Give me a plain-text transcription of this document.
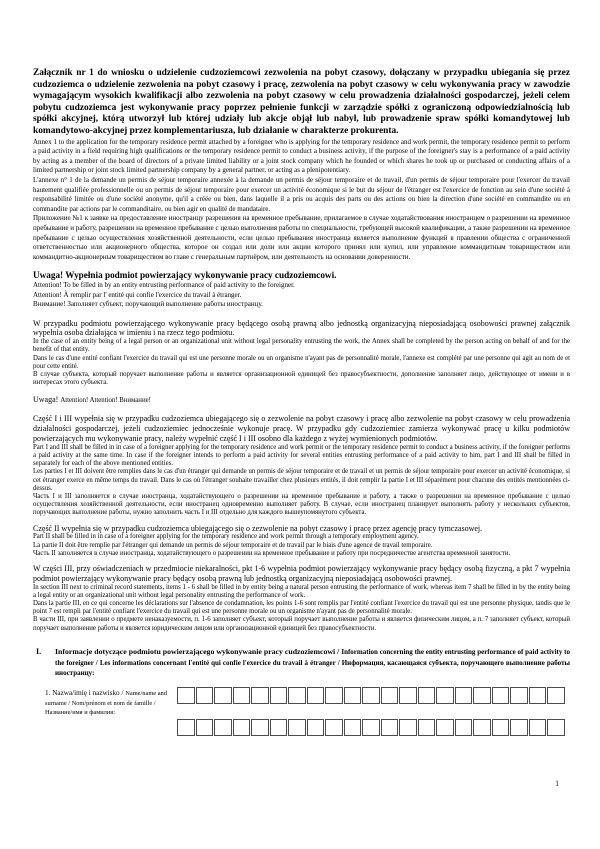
Załącznik nr 1 do wniosku o udzielenie cudzoziemcowi zezwolenia na pobyt czasowy, dołączany w przypadku ubiegania się przez cudzoziemca o udzielenie zezwolenia na pobyt czasowy i pracę, zezwolenia na pobyt czasowy w celu wykonywania pracy w zawodzie wymagającym wysokich kwalifikacji albo zezwolenia na pobyt czasowy w celu prowadzenia działalności gospodarczej, jeżeli celem pobytu cudzoziemca jest wykonywanie pracy poprzez pełnienie funkcji w zarządzie spółki z ograniczoną odpowiedzialnością lub spółki akcyjnej, którą utworzył lub której udziały lub akcje objął lub nabył, lub prowadzenie spraw spółki komandytowej lub komandytowo-akcyjnej przez komplementariusza, lub działanie w charakterze prokurenta.

Annex 1 to the application for the temporary residence permit attached by a foreigner who is applying for the temporary residence and work permit, the temporary residence permit to perform a paid activity in a field requiring high qualifications or the temporary residence permit to conduct a business activity, if the purpose of the foreigner's stay is a performance of a paid activity by acting as a member of the board of directors of a private limited liability or a joint stock company which he founded or which shares he took up or purchased or conducting affairs of a limited partnership or joint stock limited partnership company by a general partner, or acting as a plenipotentiary.

L'annexe n° 1 de la demande un permis de séjour temporaire annexée à la demande un permis de séjour temporaire et de travail, d'un permis de séjour temporaire pour l'exercer du travail hautement qualifiée professionnelle ou un permis de séjour temporaire pour exercer un activité économique si le but du séjour de l'étranger est l'exercice de fonction au sein d'une société à responsabilité limitée ou d'une société anonyme, qu'il a créée ou bien, dans laquelle il a pris ou acquis des parts ou des actions ou bien la direction d'une société en commandite ou en commandite par actions par le commanditaire, ou bien agir en qualité de mandataire.

Приложение №1 к заявке на предоставление иностранцу разрешения на временное пребывание, прилагаемое в случае ходатайствования иностранцем о разрешении на временное пребывание и работу, разрешении на временное пребывание с целью выполнения работы по специальности, требующей высокой квалификации, а также разрешении на временное пребывание с целью осуществления хозяйственной деятельности, если целью пребывания иностранца является выполнение функций в правлении общества с ограниченной ответственностью или акционерного общества, которое он создал или доли или акции которого принял или купил, или управление коммандитным товариществом или коммандитно-акционерным товариществом во главе с генеральным партнёром, или деятельность на основании доверенности.

Uwaga! Wypełnia podmiot powierzający wykonywanie pracy cudzoziemcowi.

Attention! To be filled in by an entity entrusting performance of paid activity to the foreigner.

Attention! À remplir par l' entité qui confie l'exercice du travail à étranger.

Внимание! Заполняет субъект, поручающий выполнение работы иностранцу.

W przypadku podmiotu powierzającego wykonywanie pracy będącego osobą prawną albo jednostką organizacyjną nieposiadającą osobowości prawnej załącznik wypełnia osoba działająca w imieniu i na rzecz tego podmiotu.

In the case of an entity being of a legal person or an organizational unit without legal personality entrusting the work, the Annex shall be completed by the person acting on behalf of and for the benefit of that entity.

Dans le cas d'une entité confiant l'exercice du travail qui est une personne morale ou un organisme n'ayant pas de personnalité morale, l'annexe est complété par une personne qui agit au nom de et pour cette entité.

В случае субъекта, который поручает выполнение работы и является организационной единицей без правосубъектности, дополнение заполняет лицо, действующее от имени и в интересах этого субъекта.

Uwaga! Attention! Attention! Внимание!

Część I i III wypełnia się w przypadku cudzoziemca ubiegającego się o zezwolenie na pobyt czasowy i pracę albo zezwolenie na pobyt czasowy w celu prowadzenia działalności gospodarczej, jeżeli cudzoziemiec jednocześnie wykonuje pracę. W przypadku gdy cudzoziemiec zamierza wykonywać pracę u kilku podmiotów powierzających mu wykonywanie pracy, należy wypełnić część I i III osobno dla każdego z wyżej wymienionych podmiotów.

Part I and III shall be filled in in case of a foreigner applying for the temporary residence and work permit or the temporary residence permit to conduct a business activity, if the foreigner performs a paid activity at the same time. In case if the foreigner intends to perform a paid activity for several entities entrusting performance of a paid activity to him, part I and III shall be filled in separately for each of the above mentioned entities.

Les parties I et III doivent être remplies dans le cas d'un étranger qui demande un permis de séjour temporaire et de travail et un permis de séjour temporaire pour exercer un activité économique, si cet étranger exerce en même temps du travail. Dans le cas où l'étranger souhaite travailler chez plusieurs entités, il doit remplir la partie I et III séparément pour chacune des entités mentionnées ci-dessus.

Часть I и III заполняется в случае иностранца, ходатайствующего о разрешении на временное пребывание и работу, а также о разрешении на временное пребывание с целью осуществления хозяйственной деятельности, если иностранец одновременно выполняет работу. В случае, если иностранец планирует выполнять работу у нескольких субъектов, поручающих выполнение работы, нужно заполнить часть I и III отдельно для каждого вышеупомянутого субъекта.

Część II wypełnia się w przypadku cudzoziemca ubiegającego się o zezwolenie na pobyt czasowy i pracę przez agencję pracy tymczasowej.

Part II shall be filled in in case of a foreigner applying for the temporary residence and work permit through a temporary employment agency.

La partie II doit être remplie par l'étranger qui demande un permis de séjour temporaire et de travail par le biais d'une agence de travail temporaire.

Часть II заполняется в случае иностранца, ходатайствующего о разрешении на временное пребывание и работу при посредничестве агентства временной занятости.

W części III, przy oświadczeniach w przedmiocie niekaralności, pkt 1-6 wypełnia podmiot powierzający wykonywanie pracy będący osobą fizyczną, a pkt 7 wypełnia podmiot powierzający wykonywanie pracy będący osobą prawną lub jednostką organizacyjną nieposiadającą osobowości prawnej.

In section III next to criminal record statements, items 1 - 6 shall be filled in by entity being a natural person entrusting the performance of work, whereas item 7 shall be filled in by the entity being a legal entity or an organizational unit without legal personality entrusting the performance of work.

Dans la partie III, en ce qui concerne les déclarations sur l'absence de condamnation, les points 1-6 sont remplis par l'entité confiant l'exercice du travail qui est une personne physique, tandis que le point 7 est rempli par l'entité confiant l'exercice du travail qui est une personne morale ou un organisme n'ayant pas de personnalité morale.

В части III, при заявлении о предмете ненаказуемости, п. 1-6 заполняет субъект, который поручает выполнение работы и является физическим лицом, а п. 7 заполняет субъект, который поручает выполнение работы и является юридическим лицом или организационной единицей без правосубъектности.

I. Informacje dotyczące podmiotu powierzającego wykonywanie pracy cudzoziemcowi / Information concerning the entity entrusting performance of paid activity to the foreigner / Les informations concernant l'entité qui confie l'exercice du travail à étranger / Информация, касающаяся субъекта, поручающего выполнение работы иностранцу:

1. Nazwa/imię i nazwisko / Name/name and surname / Nom/prénom et nom de famille / Название/имя и фамилия:
1
